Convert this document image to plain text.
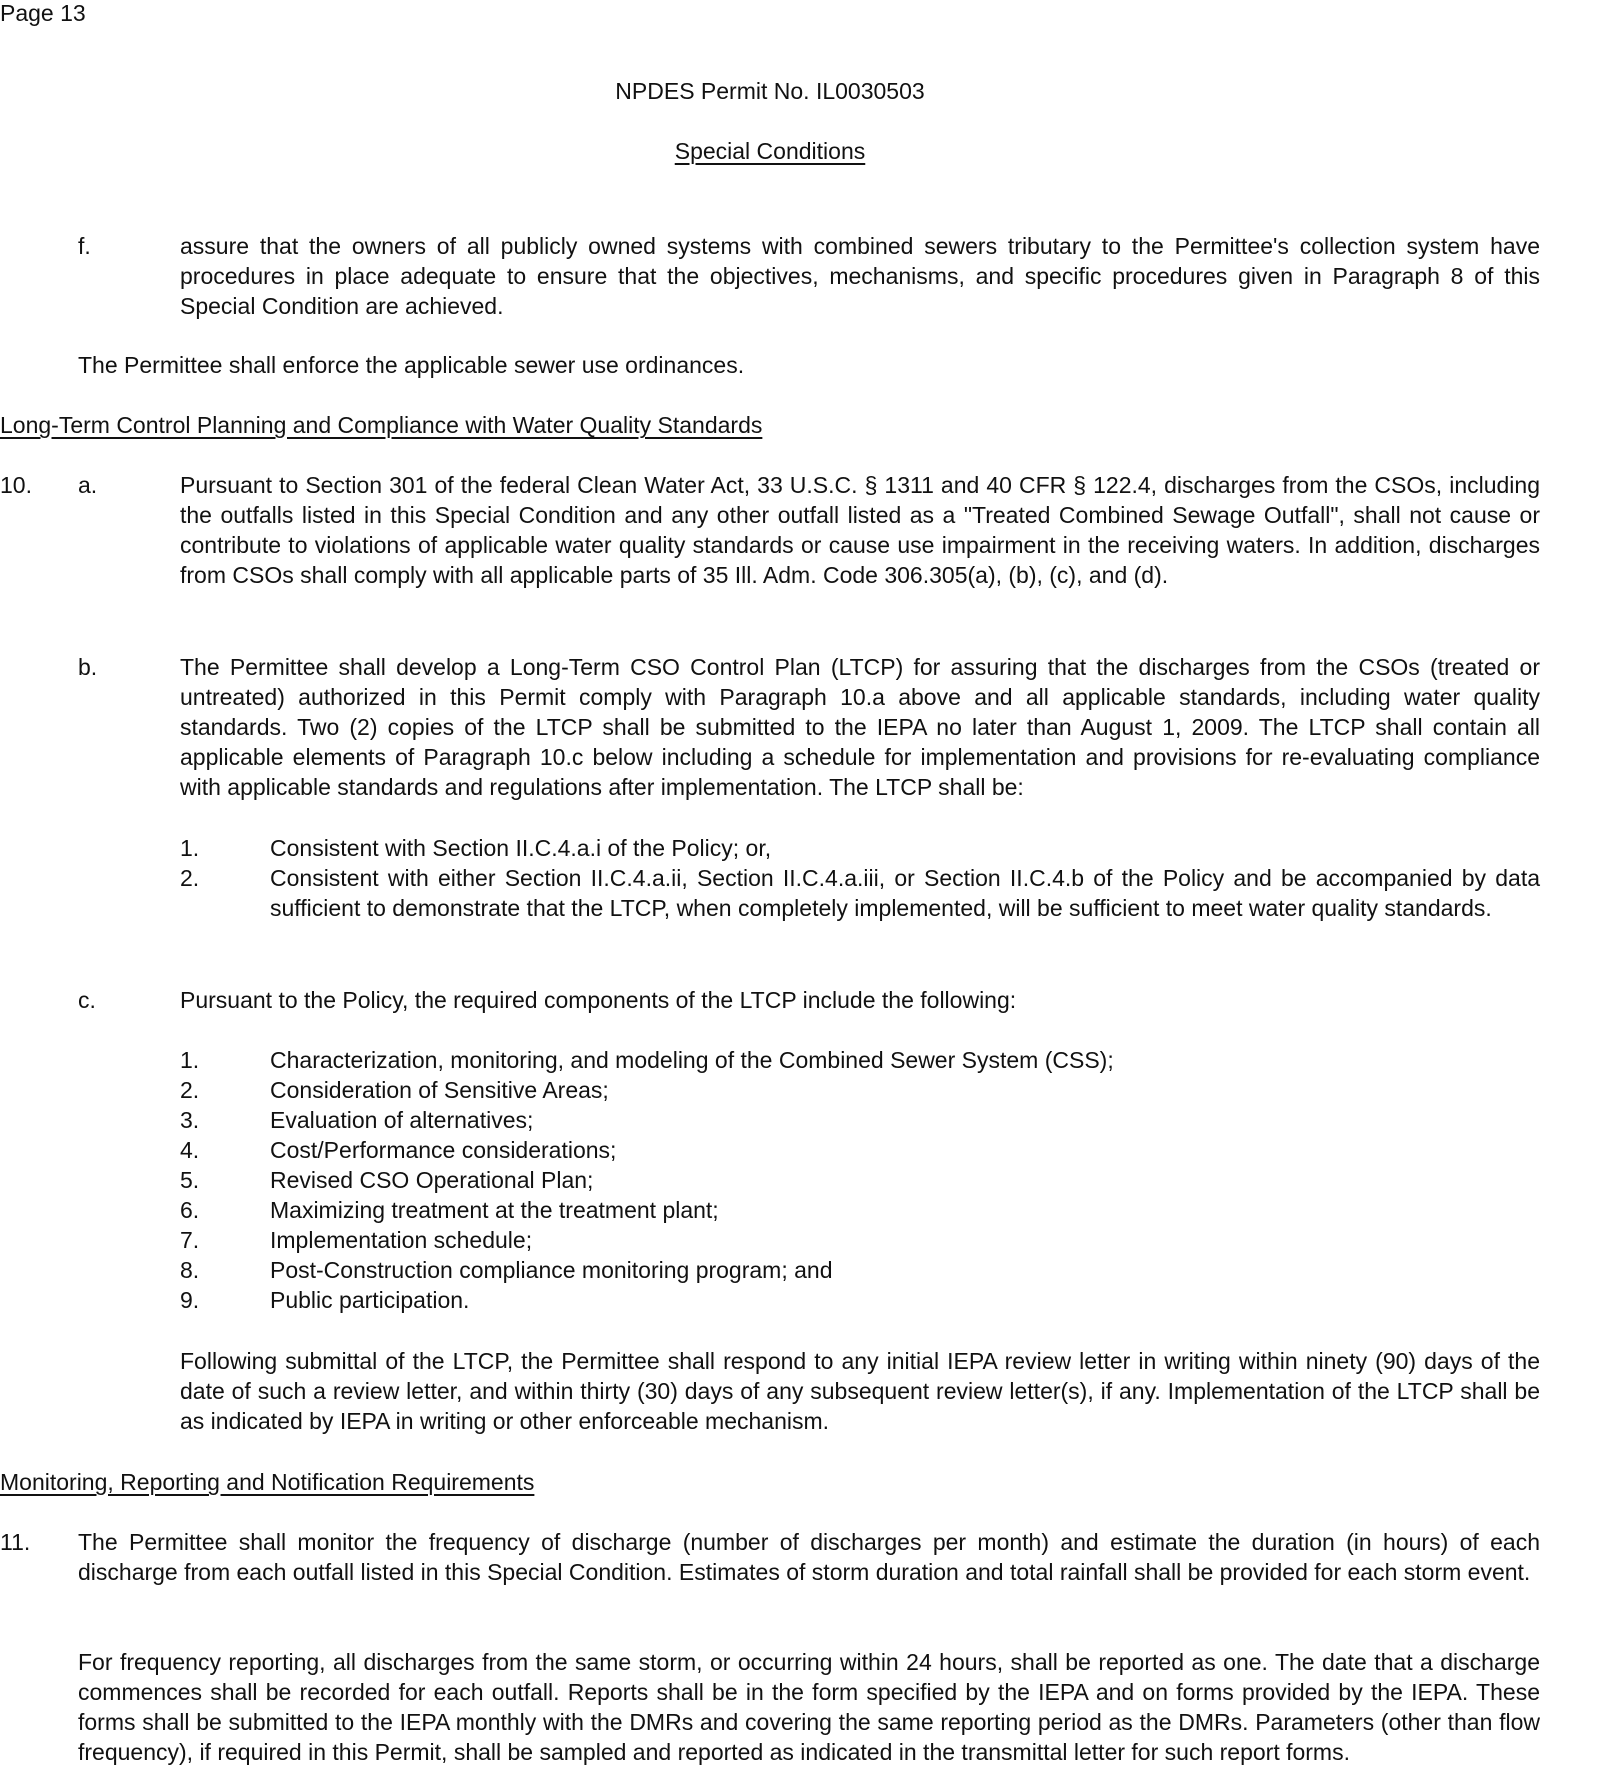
Page 13
NPDES Permit No. IL0030503
Special Conditions
f.	assure that the owners of all publicly owned systems with combined sewers tributary to the Permittee's collection system have procedures in place adequate to ensure that the objectives, mechanisms, and specific procedures given in Paragraph 8 of this Special Condition are achieved.
The Permittee shall enforce the applicable sewer use ordinances.
Long-Term Control Planning and Compliance with Water Quality Standards
10. a.	Pursuant to Section 301 of the federal Clean Water Act, 33 U.S.C. § 1311 and 40 CFR § 122.4, discharges from the CSOs, including the outfalls listed in this Special Condition and any other outfall listed as a "Treated Combined Sewage Outfall", shall not cause or contribute to violations of applicable water quality standards or cause use impairment in the receiving waters. In addition, discharges from CSOs shall comply with all applicable parts of 35 Ill. Adm. Code 306.305(a), (b), (c), and (d).
b.	The Permittee shall develop a Long-Term CSO Control Plan (LTCP) for assuring that the discharges from the CSOs (treated or untreated) authorized in this Permit comply with Paragraph 10.a above and all applicable standards, including water quality standards. Two (2) copies of the LTCP shall be submitted to the IEPA no later than August 1, 2009. The LTCP shall contain all applicable elements of Paragraph 10.c below including a schedule for implementation and provisions for re-evaluating compliance with applicable standards and regulations after implementation. The LTCP shall be:
1.	Consistent with Section II.C.4.a.i of the Policy; or,
2.	Consistent with either Section II.C.4.a.ii, Section II.C.4.a.iii, or Section II.C.4.b of the Policy and be accompanied by data sufficient to demonstrate that the LTCP, when completely implemented, will be sufficient to meet water quality standards.
c.	Pursuant to the Policy, the required components of the LTCP include the following:
1.	Characterization, monitoring, and modeling of the Combined Sewer System (CSS);
2.	Consideration of Sensitive Areas;
3.	Evaluation of alternatives;
4.	Cost/Performance considerations;
5.	Revised CSO Operational Plan;
6.	Maximizing treatment at the treatment plant;
7.	Implementation schedule;
8.	Post-Construction compliance monitoring program; and
9.	Public participation.
Following submittal of the LTCP, the Permittee shall respond to any initial IEPA review letter in writing within ninety (90) days of the date of such a review letter, and within thirty (30) days of any subsequent review letter(s), if any. Implementation of the LTCP shall be as indicated by IEPA in writing or other enforceable mechanism.
Monitoring, Reporting and Notification Requirements
11. The Permittee shall monitor the frequency of discharge (number of discharges per month) and estimate the duration (in hours) of each discharge from each outfall listed in this Special Condition. Estimates of storm duration and total rainfall shall be provided for each storm event.
For frequency reporting, all discharges from the same storm, or occurring within 24 hours, shall be reported as one. The date that a discharge commences shall be recorded for each outfall. Reports shall be in the form specified by the IEPA and on forms provided by the IEPA. These forms shall be submitted to the IEPA monthly with the DMRs and covering the same reporting period as the DMRs. Parameters (other than flow frequency), if required in this Permit, shall be sampled and reported as indicated in the transmittal letter for such report forms.
